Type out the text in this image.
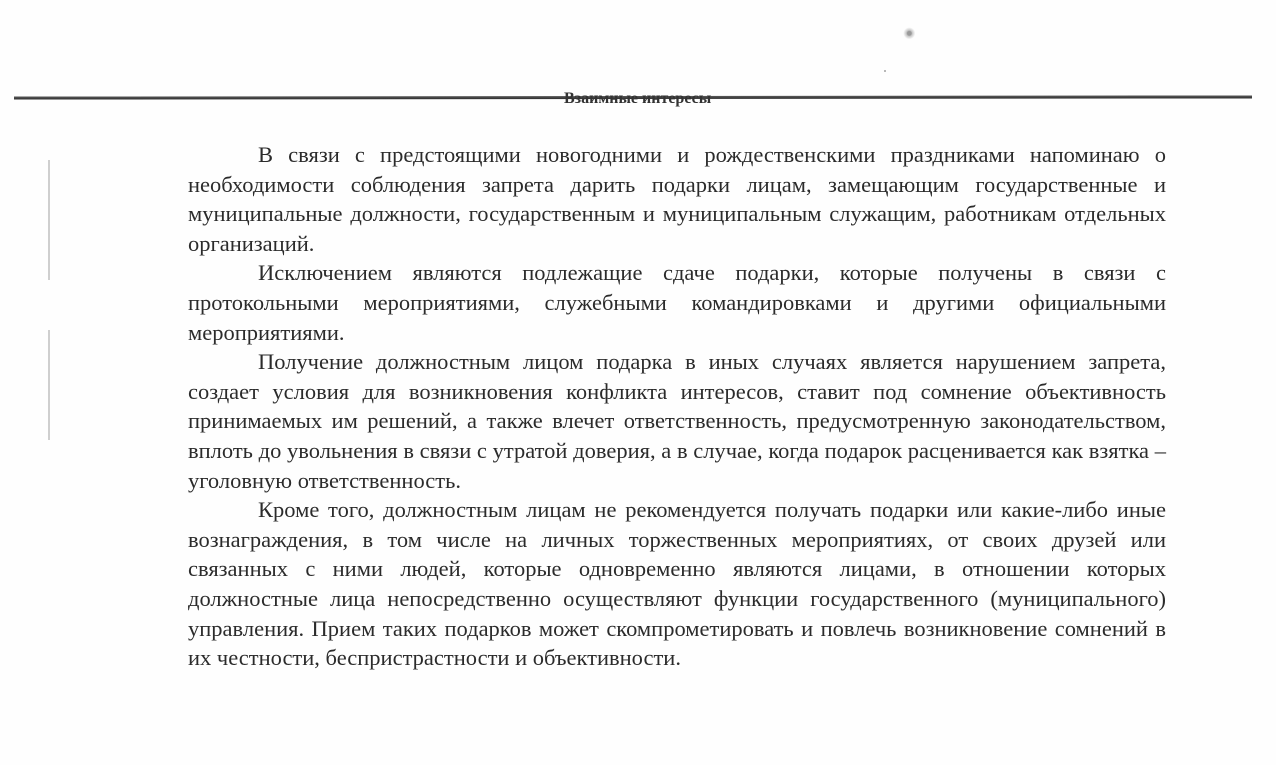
Взаимные интересы

В связи с предстоящими новогодними и рождественскими праздниками напоминаю о необходимости соблюдения запрета дарить подарки лицам, замещающим государственные и муниципальные должности, государственным и муниципальным служащим, работникам отдельных организаций.

Исключением являются подлежащие сдаче подарки, которые получены в связи с протокольными мероприятиями, служебными командировками и другими официальными мероприятиями.

Получение должностным лицом подарка в иных случаях является нарушением запрета, создает условия для возникновения конфликта интересов, ставит под сомнение объективность принимаемых им решений, а также влечет ответственность, предусмотренную законодательством, вплоть до увольнения в связи с утратой доверия, а в случае, когда подарок расценивается как взятка – уголовную ответственность.

Кроме того, должностным лицам не рекомендуется получать подарки или какие-либо иные вознаграждения, в том числе на личных торжественных мероприятиях, от своих друзей или связанных с ними людей, которые одновременно являются лицами, в отношении которых должностные лица непосредственно осуществляют функции государственного (муниципального) управления. Прием таких подарков может скомпрометировать и повлечь возникновение сомнений в их честности, беспристрастности и объективности.
